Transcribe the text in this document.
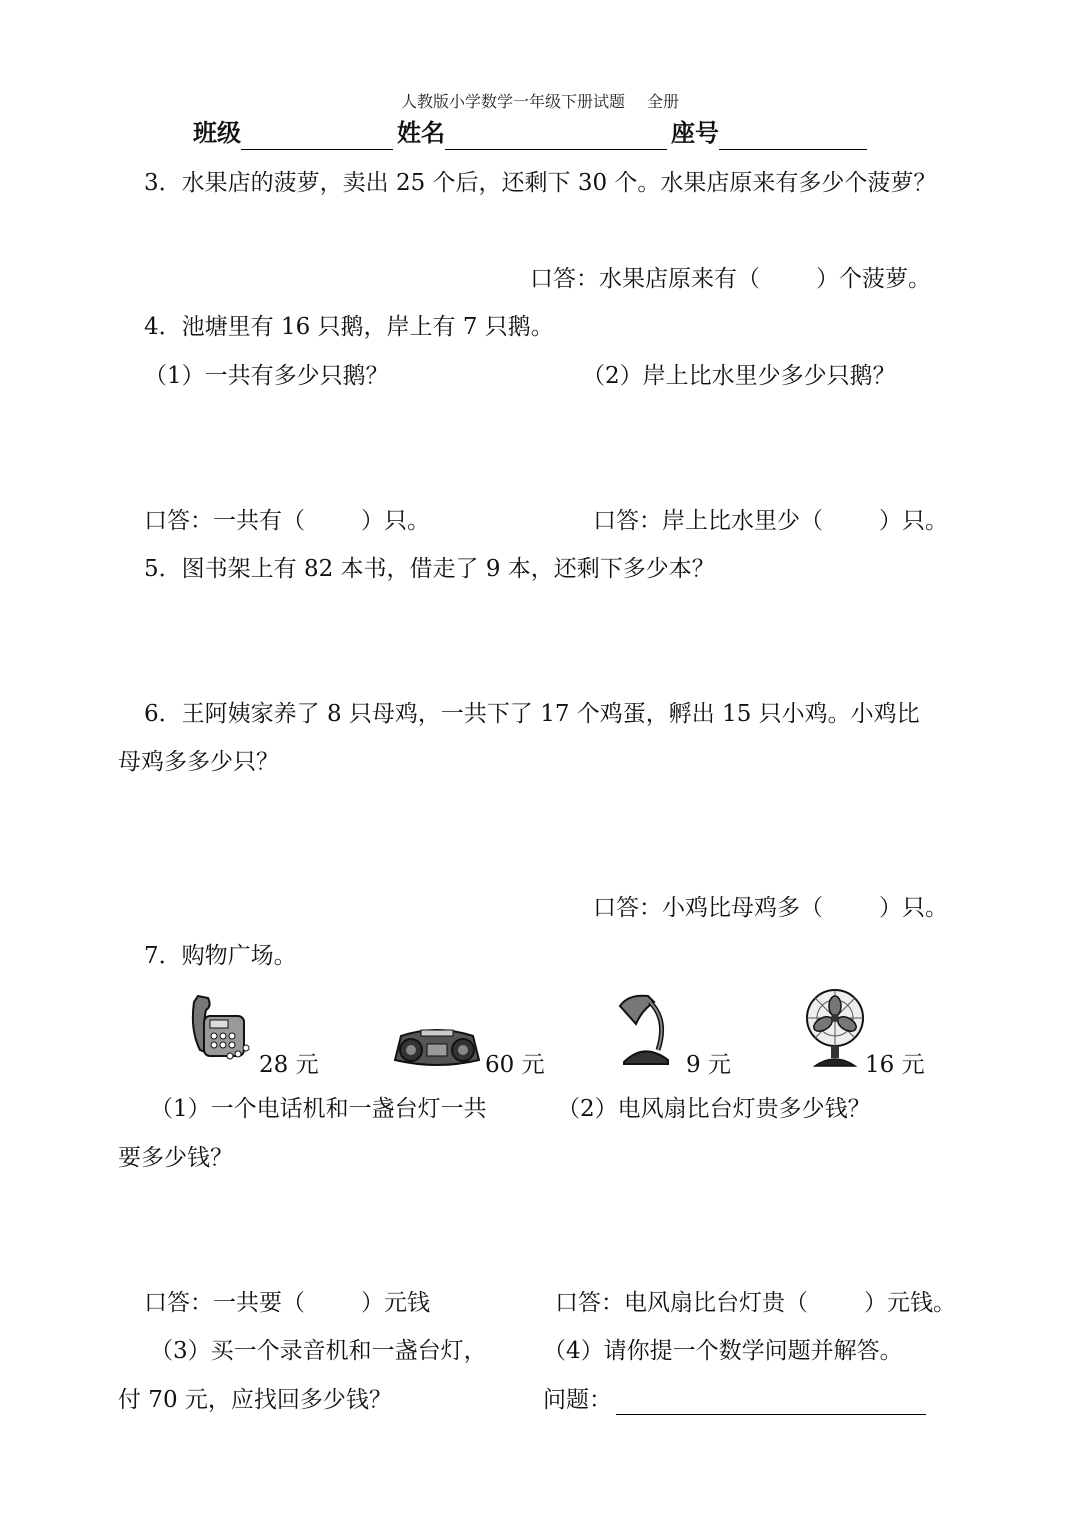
人教版小学数学一年级下册试题 全册
班级	姓名	座号
3．水果店的菠萝，卖出 25 个后，还剩下 30 个。水果店原来有多少个菠萝？
口答：水果店原来有（ ）个菠萝。
4．池塘里有 16 只鹅，岸上有 7 只鹅。
（1）一共有多少只鹅？	（2）岸上比水里少多少只鹅？
口答：一共有（ ）只。	口答：岸上比水里少（ ）只。
5．图书架上有 82 本书，借走了 9 本，还剩下多少本？
6．王阿姨家养了 8 只母鸡，一共下了 17 个鸡蛋，孵出 15 只小鸡。小鸡比
母鸡多多少只？
口答：小鸡比母鸡多（ ）只。
7．购物广场。
28 元	60 元	9 元	16 元
（1）一个电话机和一盏台灯一共
要多少钱？
（2）电风扇比台灯贵多少钱？
口答：一共要（ ）元钱	口答：电风扇比台灯贵（ ）元钱。
（3）买一个录音机和一盏台灯，
付 70 元，应找回多少钱？
（4）请你提一个数学问题并解答。
问题：
